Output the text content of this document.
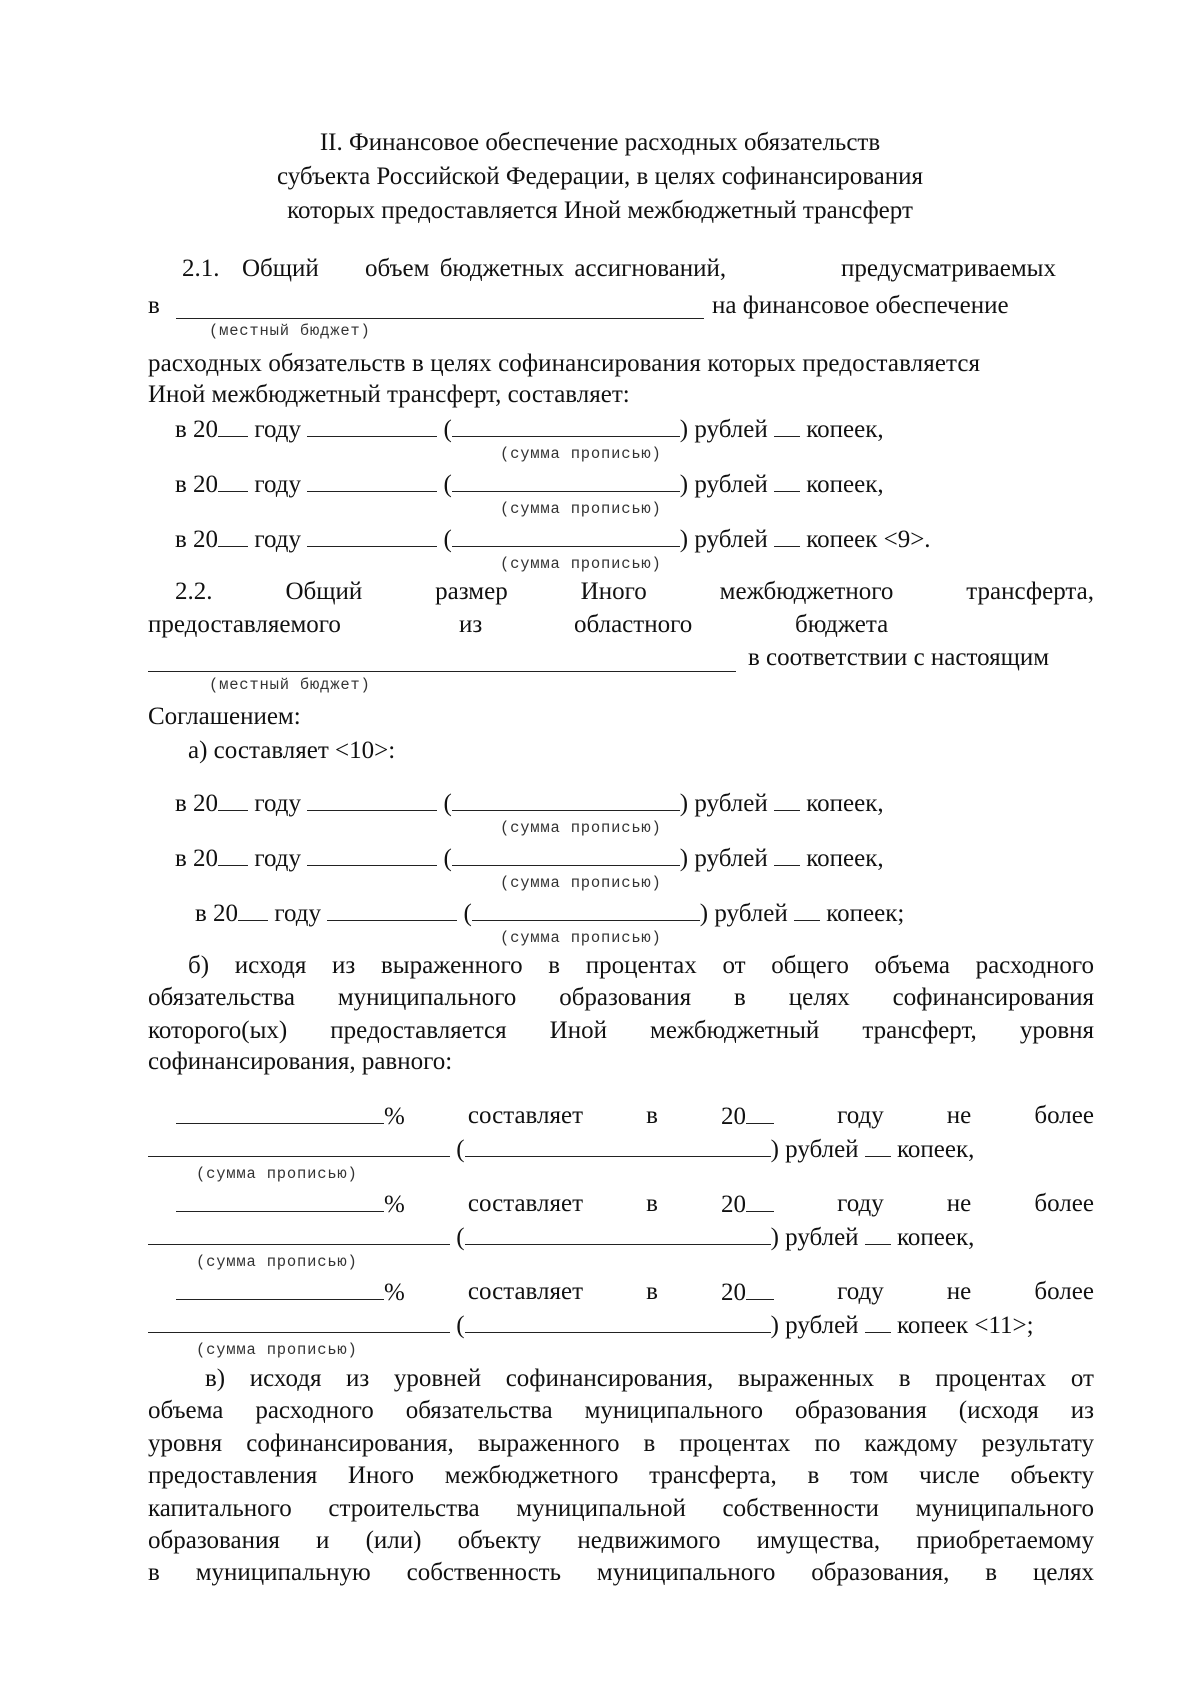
II. Финансовое обеспечение расходных обязательств
субъекта Российской Федерации, в целях софинансирования
которых предоставляется Иной межбюджетный трансферт
2.1. Общий объем бюджетных ассигнований,	предусматриваемых
в	на финансовое обеспечение
(местный бюджет)
расходных обязательств в целях софинансирования которых предоставляется
Иной межбюджетный трансферт, составляет:
в 20 году	(	) рублей копеек,
(сумма прописью)
в 20 году	(	) рублей копеек,
(сумма прописью)
в 20 году	(	) рублей копеек <9>.
(сумма прописью)
2.2.	Общий	размер	Иного	межбюджетного	трансферта,
предоставляемого	из	областного	бюджета
в соответствии с настоящим
(местный бюджет)
Соглашением:
а) составляет <10>:
в 20 году	(	) рублей копеек,
(сумма прописью)
в 20 году	(	) рублей копеек,
(сумма прописью)
в 20 году	(	) рублей копеек;
(сумма прописью)
б) исходя из выраженного в процентах от общего объема расходного
обязательства муниципального образования в целях софинансирования
которого(ых) предоставляется Иной межбюджетный трансферт, уровня
софинансирования, равного:
%	составляет	в	20	году	не	более
(	) рублей копеек,
(сумма прописью)
%	составляет	в	20	году	не	более
(	) рублей копеек,
(сумма прописью)
%	составляет	в	20	году	не	более
(	) рублей копеек <11>;
(сумма прописью)
в) исходя из уровней софинансирования, выраженных в процентах от
объема расходного обязательства муниципального образования (исходя из
уровня софинансирования, выраженного в процентах по каждому результату
предоставления Иного межбюджетного трансферта, в том числе объекту
капитального строительства муниципальной собственности муниципального
образования и (или) объекту недвижимого имущества, приобретаемому
в муниципальную собственность муниципального образования, в целях
